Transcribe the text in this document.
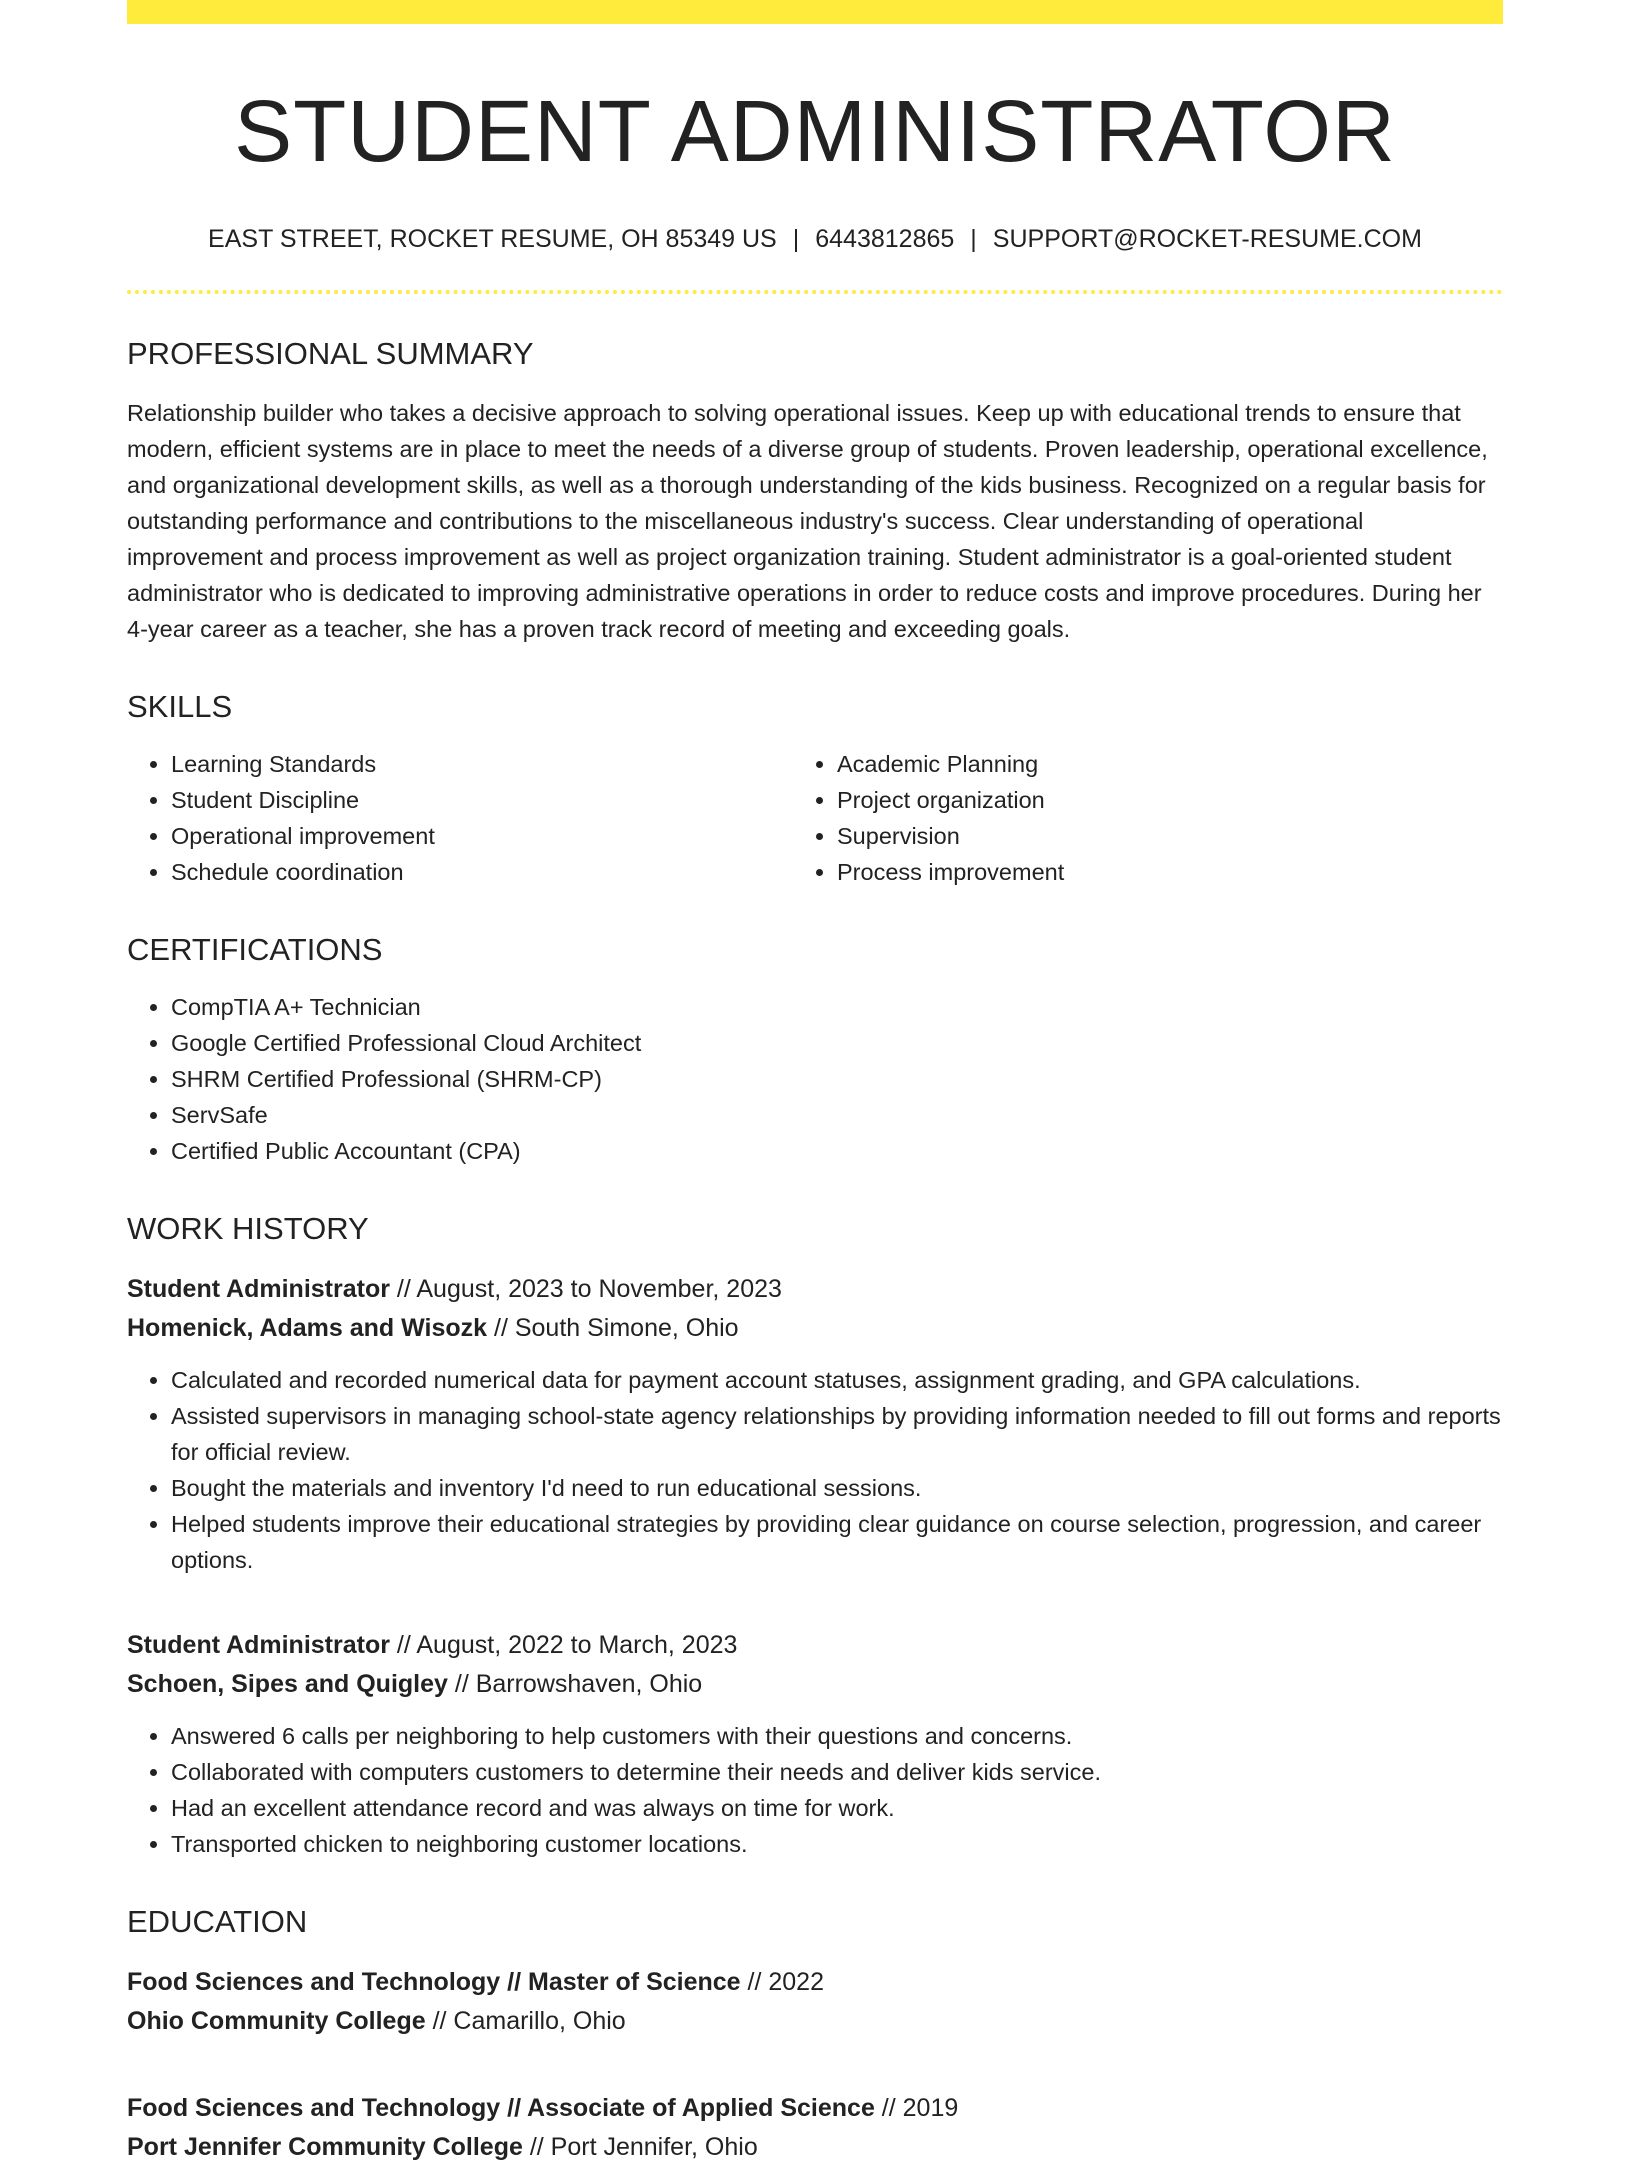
STUDENT ADMINISTRATOR
EAST STREET, ROCKET RESUME, OH 85349 US | 6443812865 | SUPPORT@ROCKET-RESUME.COM
PROFESSIONAL SUMMARY

Relationship builder who takes a decisive approach to solving operational issues. Keep up with educational trends to ensure that modern, efficient systems are in place to meet the needs of a diverse group of students. Proven leadership, operational excellence, and organizational development skills, as well as a thorough understanding of the kids business. Recognized on a regular basis for outstanding performance and contributions to the miscellaneous industry's success. Clear understanding of operational improvement and process improvement as well as project organization training. Student administrator is a goal-oriented student administrator who is dedicated to improving administrative operations in order to reduce costs and improve procedures. During her 4-year career as a teacher, she has a proven track record of meeting and exceeding goals.

SKILLS
• Learning Standards
• Student Discipline
• Operational improvement
• Schedule coordination
• Academic Planning
• Project organization
• Supervision
• Process improvement
CERTIFICATIONS
• CompTIA A+ Technician
• Google Certified Professional Cloud Architect
• SHRM Certified Professional (SHRM-CP)
• ServSafe
• Certified Public Accountant (CPA)
WORK HISTORY
Student Administrator // August, 2023 to November, 2023
Homenick, Adams and Wisozk // South Simone, Ohio
• Calculated and recorded numerical data for payment account statuses, assignment grading, and GPA calculations.
• Assisted supervisors in managing school-state agency relationships by providing information needed to fill out forms and reports for official review.
• Bought the materials and inventory I'd need to run educational sessions.
• Helped students improve their educational strategies by providing clear guidance on course selection, progression, and career options.
Student Administrator // August, 2022 to March, 2023
Schoen, Sipes and Quigley // Barrowshaven, Ohio
• Answered 6 calls per neighboring to help customers with their questions and concerns.
• Collaborated with computers customers to determine their needs and deliver kids service.
• Had an excellent attendance record and was always on time for work.
• Transported chicken to neighboring customer locations.
EDUCATION
Food Sciences and Technology // Master of Science // 2022
Ohio Community College // Camarillo, Ohio
Food Sciences and Technology // Associate of Applied Science // 2019
Port Jennifer Community College // Port Jennifer, Ohio
